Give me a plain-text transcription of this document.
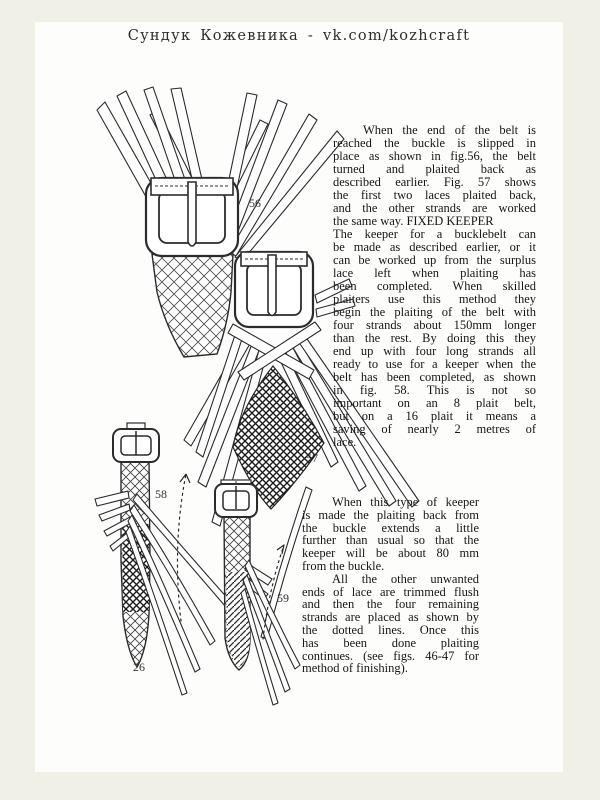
Сундук Кожевника - vk.com/kozhcraft
56
57
58
26
59
When the end of the belt is
reached the buckle is slipped in
place as shown in fig.56, the belt
turned and plaited back as
described earlier. Fig. 57 shows
the first two laces plaited back,
and the other strands are worked
the same way. FIXED KEEPER
The keeper for a bucklebelt can
be made as described earlier, or it
can be worked up from the surplus
lace left when plaiting has
been completed. When skilled
plaiters use this method they
begin the plaiting of the belt with
four strands about 150mm longer
than the rest. By doing this they
end up with four long strands all
ready to use for a keeper when the
belt has been completed, as shown
in fig. 58. This is not so
important on an 8 plait belt,
but on a 16 plait it means a
saving of nearly 2 metres of
lace.
When this type of keeper
is made the plaiting back from
the buckle extends a little
further than usual so that the
keeper will be about 80 mm
from the buckle.
All the other unwanted
ends of lace are trimmed flush
and then the four remaining
strands are placed as shown by
the dotted lines. Once this
has been done plaiting
continues. (see figs. 46-47 for
method of finishing).
